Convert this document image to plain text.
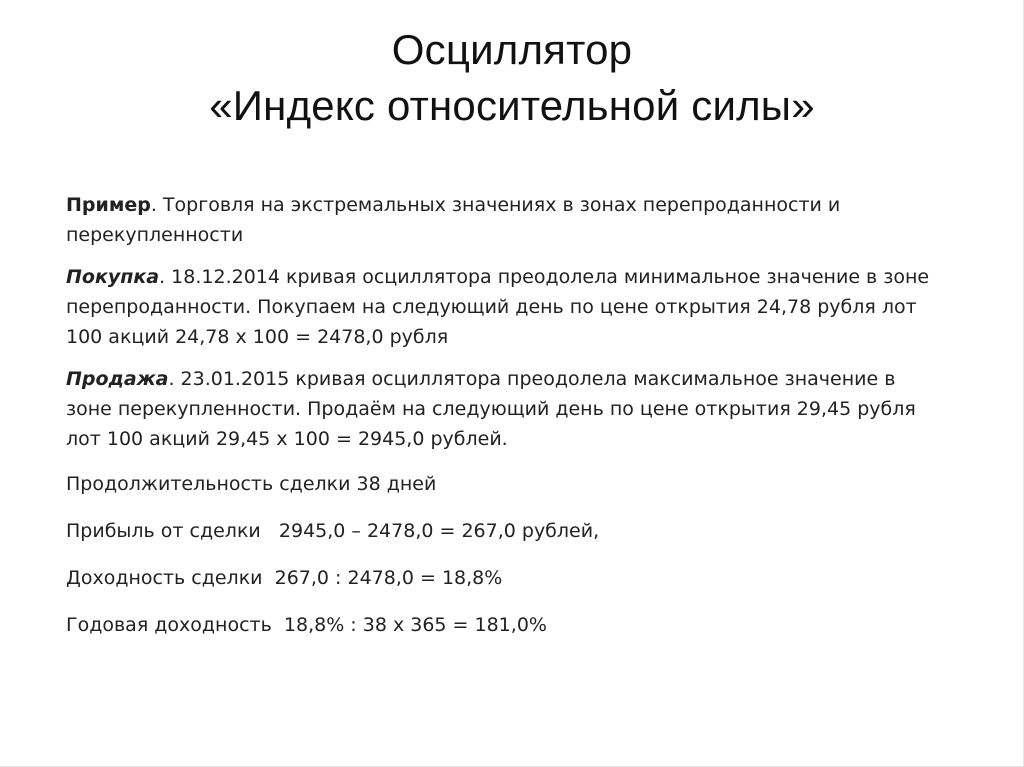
Осциллятор
«Индекс относительной силы»

Пример. Торговля на экстремальных значениях в зонах перепроданности и перекупленности

Покупка. 18.12.2014 кривая осциллятора преодолела минимальное значение в зоне перепроданности. Покупаем на следующий день по цене открытия 24,78 рубля лот 100 акций 24,78 х 100 = 2478,0 рубля

Продажа. 23.01.2015 кривая осциллятора преодолела максимальное значение в зоне перекупленности. Продаём на следующий день по цене открытия 29,45 рубля лот 100 акций 29,45 х 100 = 2945,0 рублей.

Продолжительность сделки 38 дней

Прибыль от сделки 2945,0 – 2478,0 = 267,0 рублей,

Доходность сделки 267,0 : 2478,0 = 18,8%

Годовая доходность 18,8% : 38 х 365 = 181,0%
